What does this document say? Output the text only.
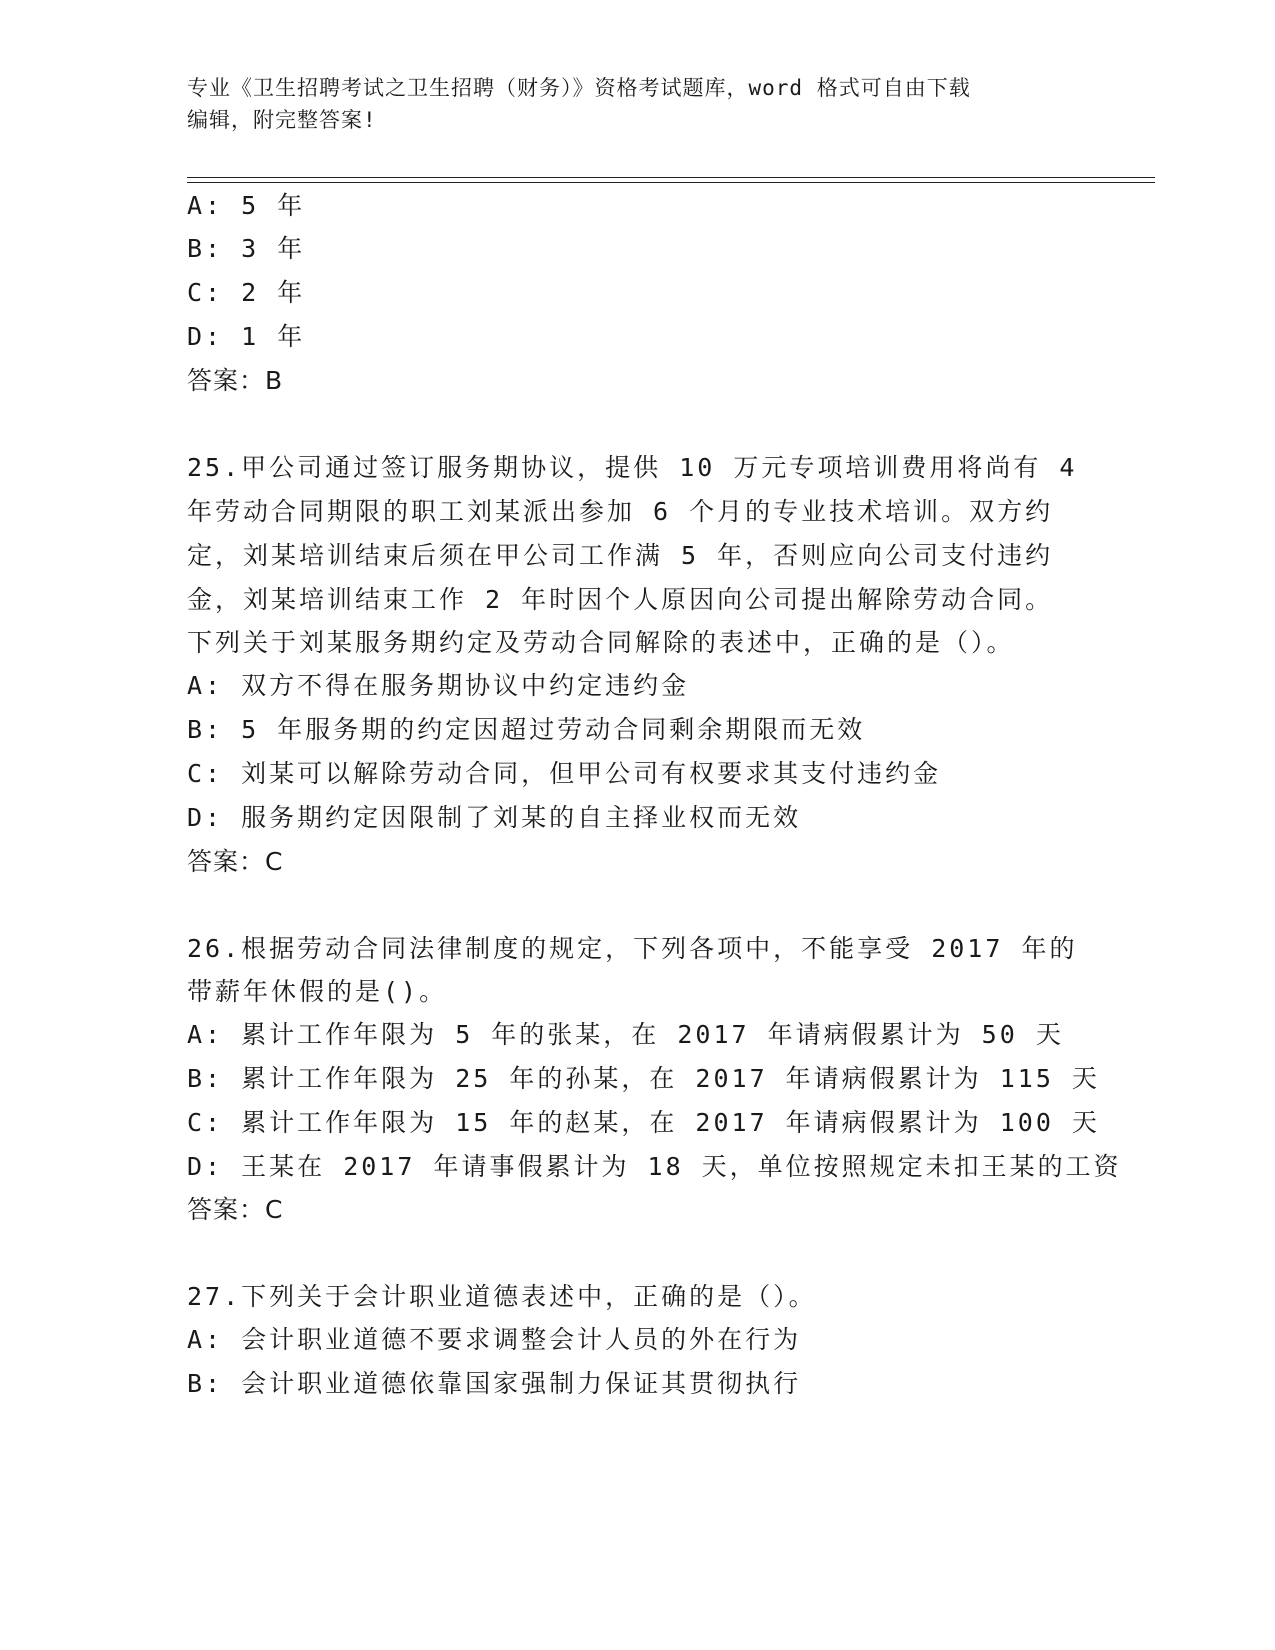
专业《卫生招聘考试之卫生招聘（财务）》资格考试题库，word 格式可自由下载
编辑，附完整答案!
A: 5 年
B: 3 年
C: 2 年
D: 1 年
答案：B
25.甲公司通过签订服务期协议，提供 10 万元专项培训费用将尚有 4
年劳动合同期限的职工刘某派出参加 6 个月的专业技术培训。双方约
定，刘某培训结束后须在甲公司工作满 5 年，否则应向公司支付违约
金，刘某培训结束工作 2 年时因个人原因向公司提出解除劳动合同。
下列关于刘某服务期约定及劳动合同解除的表述中，正确的是（）。
A: 双方不得在服务期协议中约定违约金
B: 5 年服务期的约定因超过劳动合同剩余期限而无效
C: 刘某可以解除劳动合同，但甲公司有权要求其支付违约金
D: 服务期约定因限制了刘某的自主择业权而无效
答案：C
26.根据劳动合同法律制度的规定，下列各项中，不能享受 2017 年的
带薪年休假的是()。
A: 累计工作年限为 5 年的张某，在 2017 年请病假累计为 50 天
B: 累计工作年限为 25 年的孙某，在 2017 年请病假累计为 115 天
C: 累计工作年限为 15 年的赵某，在 2017 年请病假累计为 100 天
D: 王某在 2017 年请事假累计为 18 天，单位按照规定未扣王某的工资
答案：C
27.下列关于会计职业道德表述中，正确的是（）。
A: 会计职业道德不要求调整会计人员的外在行为
B: 会计职业道德依靠国家强制力保证其贯彻执行
